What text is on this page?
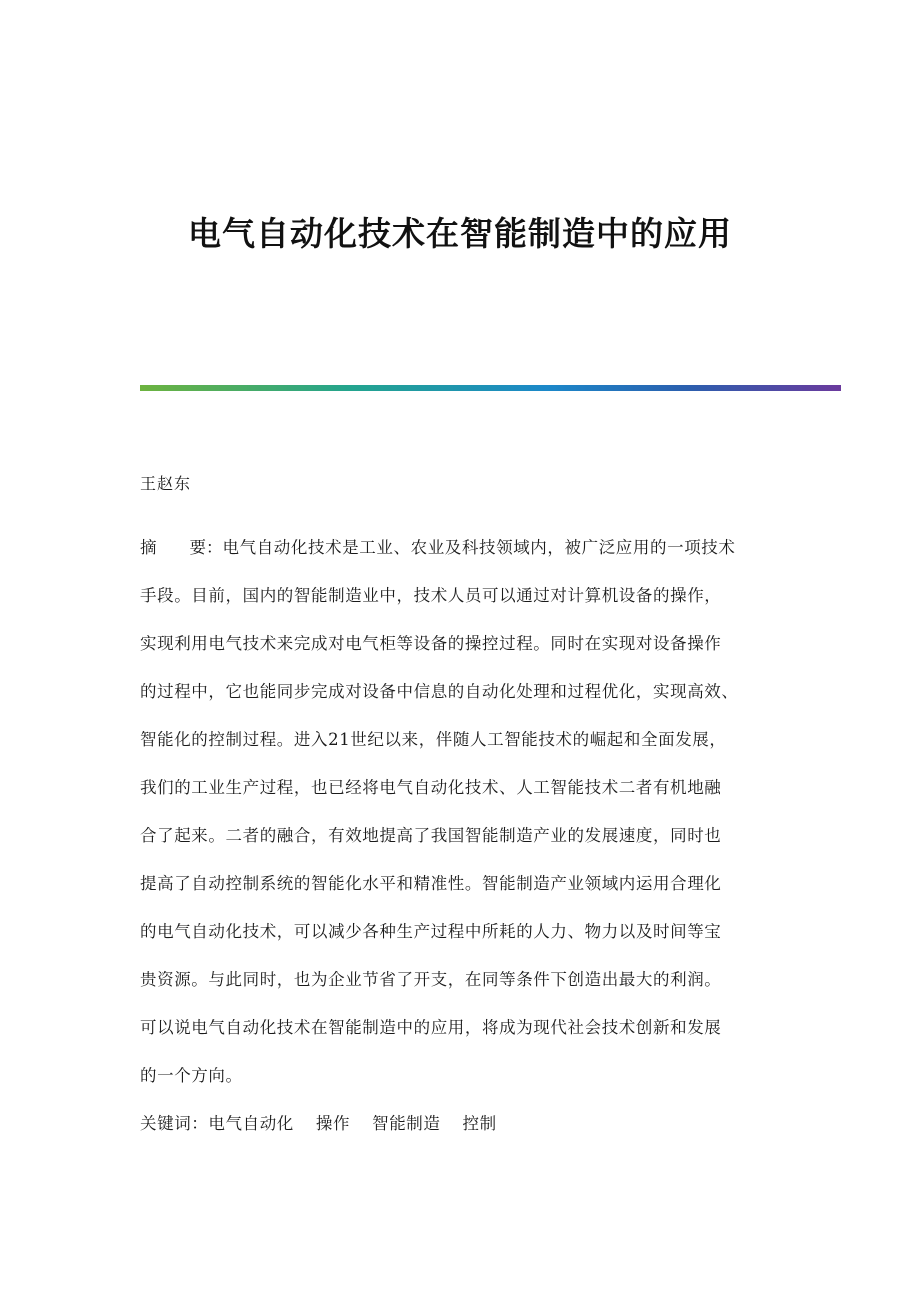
电气自动化技术在智能制造中的应用
王赵东
摘　　要：电气自动化技术是工业、农业及科技领域内，被广泛应用的一项技术
手段。目前，国内的智能制造业中，技术人员可以通过对计算机设备的操作，
实现利用电气技术来完成对电气柜等设备的操控过程。同时在实现对设备操作
的过程中，它也能同步完成对设备中信息的自动化处理和过程优化，实现高效、
智能化的控制过程。进入21世纪以来，伴随人工智能技术的崛起和全面发展，
我们的工业生产过程，也已经将电气自动化技术、人工智能技术二者有机地融
合了起来。二者的融合，有效地提高了我国智能制造产业的发展速度，同时也
提高了自动控制系统的智能化水平和精准性。智能制造产业领域内运用合理化
的电气自动化技术，可以减少各种生产过程中所耗的人力、物力以及时间等宝
贵资源。与此同时，也为企业节省了开支，在同等条件下创造出最大的利润。
可以说电气自动化技术在智能制造中的应用，将成为现代社会技术创新和发展
的一个方向。
关键词：电气自动化 操作 智能制造 控制
